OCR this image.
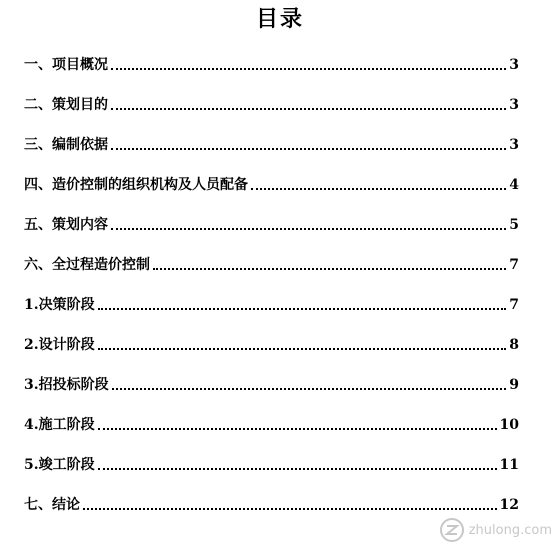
目录
一、项目概况	3
二、策划目的	3
三、编制依据	3
四、造价控制的组织机构及人员配备	4
五、策划内容	5
六、全过程造价控制	7
1.决策阶段	7
2.设计阶段	8
3.招投标阶段	9
4.施工阶段	10
5.竣工阶段	11
七、结论	12
zhulong.com
